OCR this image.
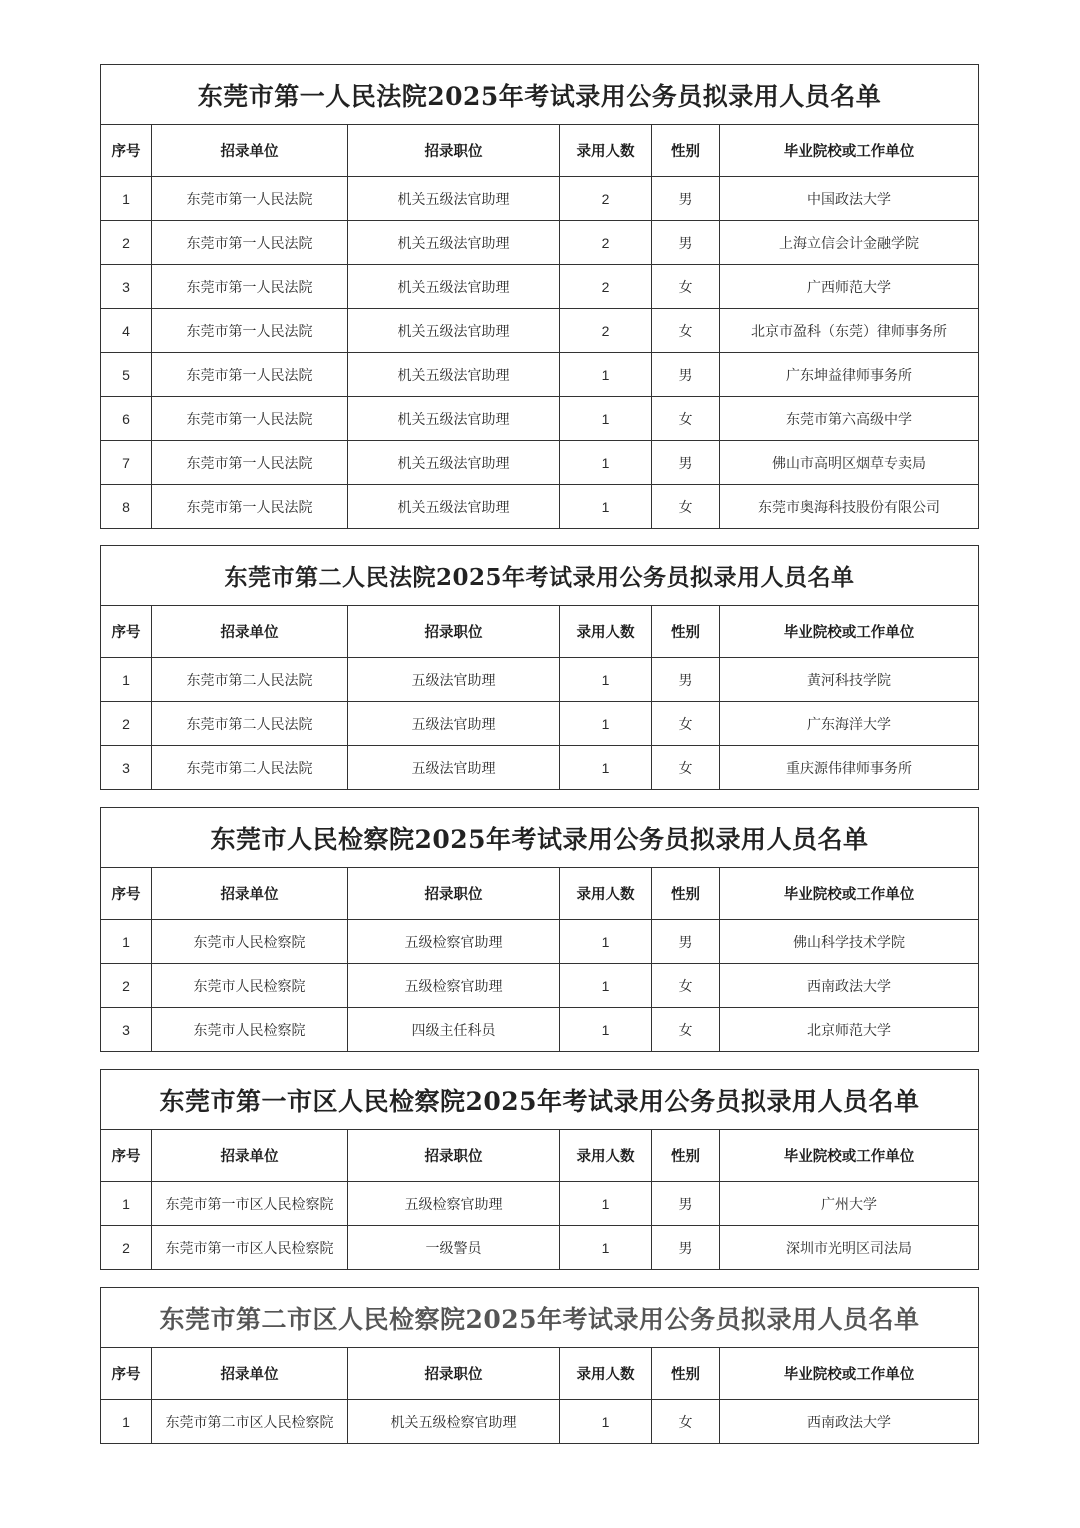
东莞市第一人民法院2025年考试录用公务员拟录用人员名单					
序号	招录单位	招录职位	录用人数	性别	毕业院校或工作单位
1	东莞市第一人民法院	机关五级法官助理	2	男	中国政法大学
2	东莞市第一人民法院	机关五级法官助理	2	男	上海立信会计金融学院
3	东莞市第一人民法院	机关五级法官助理	2	女	广西师范大学
4	东莞市第一人民法院	机关五级法官助理	2	女	北京市盈科（东莞）律师事务所
5	东莞市第一人民法院	机关五级法官助理	1	男	广东坤益律师事务所
6	东莞市第一人民法院	机关五级法官助理	1	女	东莞市第六高级中学
7	东莞市第一人民法院	机关五级法官助理	1	男	佛山市高明区烟草专卖局
8	东莞市第一人民法院	机关五级法官助理	1	女	东莞市奥海科技股份有限公司
东莞市第二人民法院2025年考试录用公务员拟录用人员名单					
序号	招录单位	招录职位	录用人数	性别	毕业院校或工作单位
1	东莞市第二人民法院	五级法官助理	1	男	黄河科技学院
2	东莞市第二人民法院	五级法官助理	1	女	广东海洋大学
3	东莞市第二人民法院	五级法官助理	1	女	重庆源伟律师事务所
东莞市人民检察院2025年考试录用公务员拟录用人员名单					
序号	招录单位	招录职位	录用人数	性别	毕业院校或工作单位
1	东莞市人民检察院	五级检察官助理	1	男	佛山科学技术学院
2	东莞市人民检察院	五级检察官助理	1	女	西南政法大学
3	东莞市人民检察院	四级主任科员	1	女	北京师范大学
东莞市第一市区人民检察院2025年考试录用公务员拟录用人员名单					
序号	招录单位	招录职位	录用人数	性别	毕业院校或工作单位
1	东莞市第一市区人民检察院	五级检察官助理	1	男	广州大学
2	东莞市第一市区人民检察院	一级警员	1	男	深圳市光明区司法局
东莞市第二市区人民检察院2025年考试录用公务员拟录用人员名单					
序号	招录单位	招录职位	录用人数	性别	毕业院校或工作单位
1	东莞市第二市区人民检察院	机关五级检察官助理	1	女	西南政法大学
